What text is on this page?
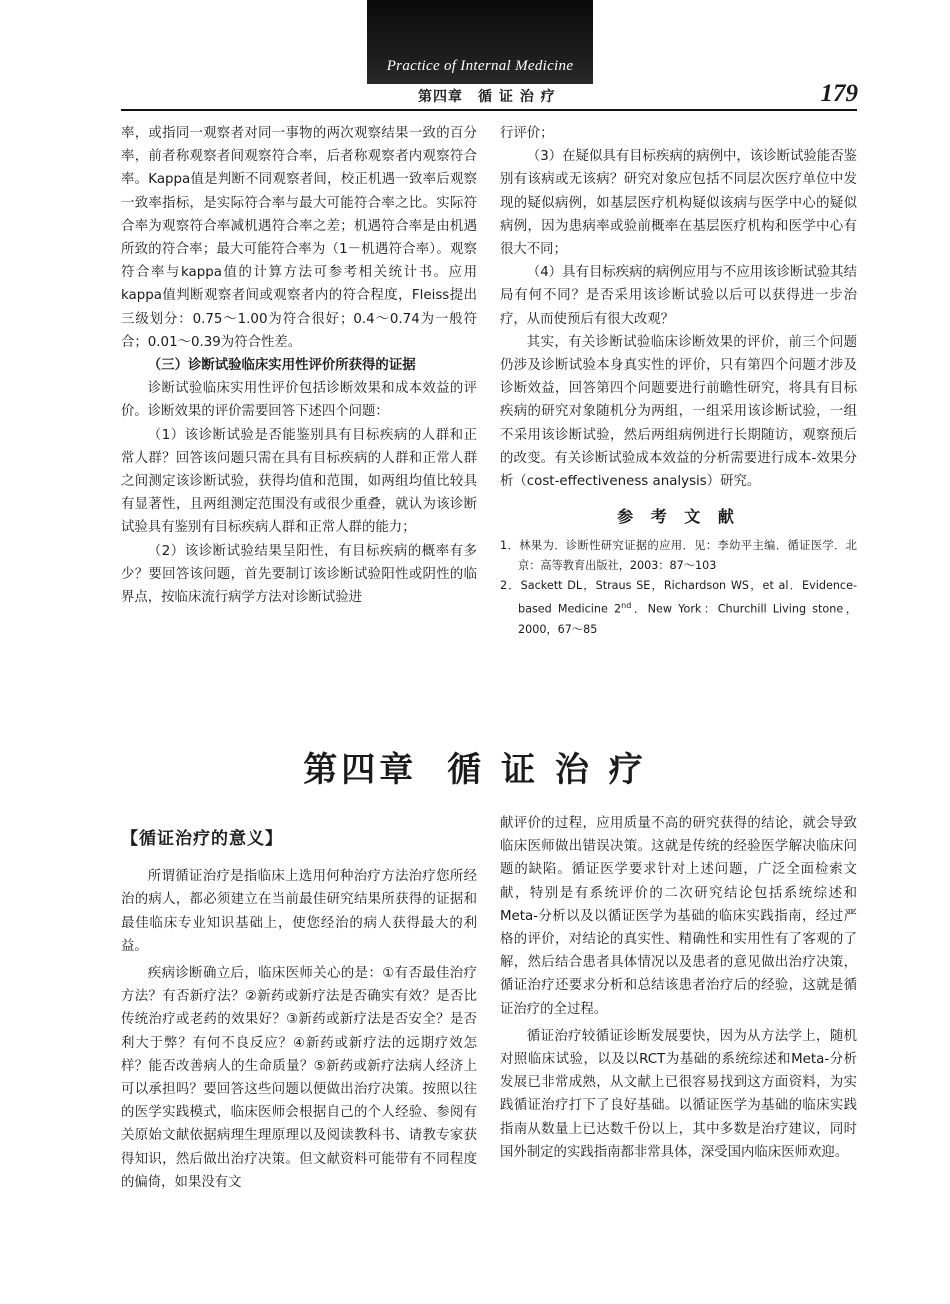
Practice of Internal Medicine
第四章　循 证 治 疗	179

率，或指同一观察者对同一事物的两次观察结果一致的百分率，前者称观察者间观察符合率，后者称观察者内观察符合率。Kappa值是判断不同观察者间，校正机遇一致率后观察一致率指标，是实际符合率与最大可能符合率之比。实际符合率为观察符合率减机遇符合率之差；机遇符合率是由机遇所致的符合率；最大可能符合率为（1－机遇符合率）。观察符合率与kappa值的计算方法可参考相关统计书。应用kappa值判断观察者间或观察者内的符合程度，Fleiss提出三级划分：0.75～1.00为符合很好；0.4～0.74为一般符合；0.01～0.39为符合性差。

（三）诊断试验临床实用性评价所获得的证据

诊断试验临床实用性评价包括诊断效果和成本效益的评价。诊断效果的评价需要回答下述四个问题：

（1）该诊断试验是否能鉴别具有目标疾病的人群和正常人群？回答该问题只需在具有目标疾病的人群和正常人群之间测定该诊断试验，获得均值和范围，如两组均值比较具有显著性，且两组测定范围没有或很少重叠，就认为该诊断试验具有鉴别有目标疾病人群和正常人群的能力；

（2）该诊断试验结果呈阳性，有目标疾病的概率有多少？要回答该问题，首先要制订该诊断试验阳性或阴性的临界点，按临床流行病学方法对诊断试验进

行评价；

（3）在疑似具有目标疾病的病例中，该诊断试验能否鉴别有该病或无该病？研究对象应包括不同层次医疗单位中发现的疑似病例，如基层医疗机构疑似该病与医学中心的疑似病例，因为患病率或验前概率在基层医疗机构和医学中心有很大不同；

（4）具有目标疾病的病例应用与不应用该诊断试验其结局有何不同？是否采用该诊断试验以后可以获得进一步治疗，从而使预后有很大改观？

其实，有关诊断试验临床诊断效果的评价，前三个问题仍涉及诊断试验本身真实性的评价，只有第四个问题才涉及诊断效益，回答第四个问题要进行前瞻性研究，将具有目标疾病的研究对象随机分为两组，一组采用该诊断试验，一组不采用该诊断试验，然后两组病例进行长期随访，观察预后的改变。有关诊断试验成本效益的分析需要进行成本-效果分析（cost-effectiveness analysis）研究。

参 考 文 献

1．林果为．诊断性研究证据的应用．见：李幼平主编．循证医学．北京：高等教育出版社，2003：87～103

2．Sackett DL，Straus SE，Richardson WS，et al．Evidence-based Medicine 2nd．New York：Churchill Living stone，2000，67～85

第四章 循 证 治 疗

【循证治疗的意义】

所谓循证治疗是指临床上选用何种治疗方法治疗您所经治的病人，都必须建立在当前最佳研究结果所获得的证据和最佳临床专业知识基础上，使您经治的病人获得最大的利益。

疾病诊断确立后，临床医师关心的是：①有否最佳治疗方法？有否新疗法？②新药或新疗法是否确实有效？是否比传统治疗或老药的效果好？③新药或新疗法是否安全？是否利大于弊？有何不良反应？④新药或新疗法的远期疗效怎样？能否改善病人的生命质量？⑤新药或新疗法病人经济上可以承担吗？要回答这些问题以便做出治疗决策。按照以往的医学实践模式，临床医师会根据自己的个人经验、参阅有关原始文献依据病理生理原理以及阅读教科书、请教专家获得知识，然后做出治疗决策。但文献资料可能带有不同程度的偏倚，如果没有文

献评价的过程，应用质量不高的研究获得的结论，就会导致临床医师做出错误决策。这就是传统的经验医学解决临床问题的缺陷。循证医学要求针对上述问题，广泛全面检索文献，特别是有系统评价的二次研究结论包括系统综述和Meta-分析以及以循证医学为基础的临床实践指南，经过严格的评价，对结论的真实性、精确性和实用性有了客观的了解，然后结合患者具体情况以及患者的意见做出治疗决策，循证治疗还要求分析和总结该患者治疗后的经验，这就是循证治疗的全过程。

循证治疗较循证诊断发展要快，因为从方法学上，随机对照临床试验，以及以RCT为基础的系统综述和Meta-分析发展已非常成熟，从文献上已很容易找到这方面资料，为实践循证治疗打下了良好基础。以循证医学为基础的临床实践指南从数量上已达数千份以上，其中多数是治疗建议，同时国外制定的实践指南都非常具体，深受国内临床医师欢迎。
